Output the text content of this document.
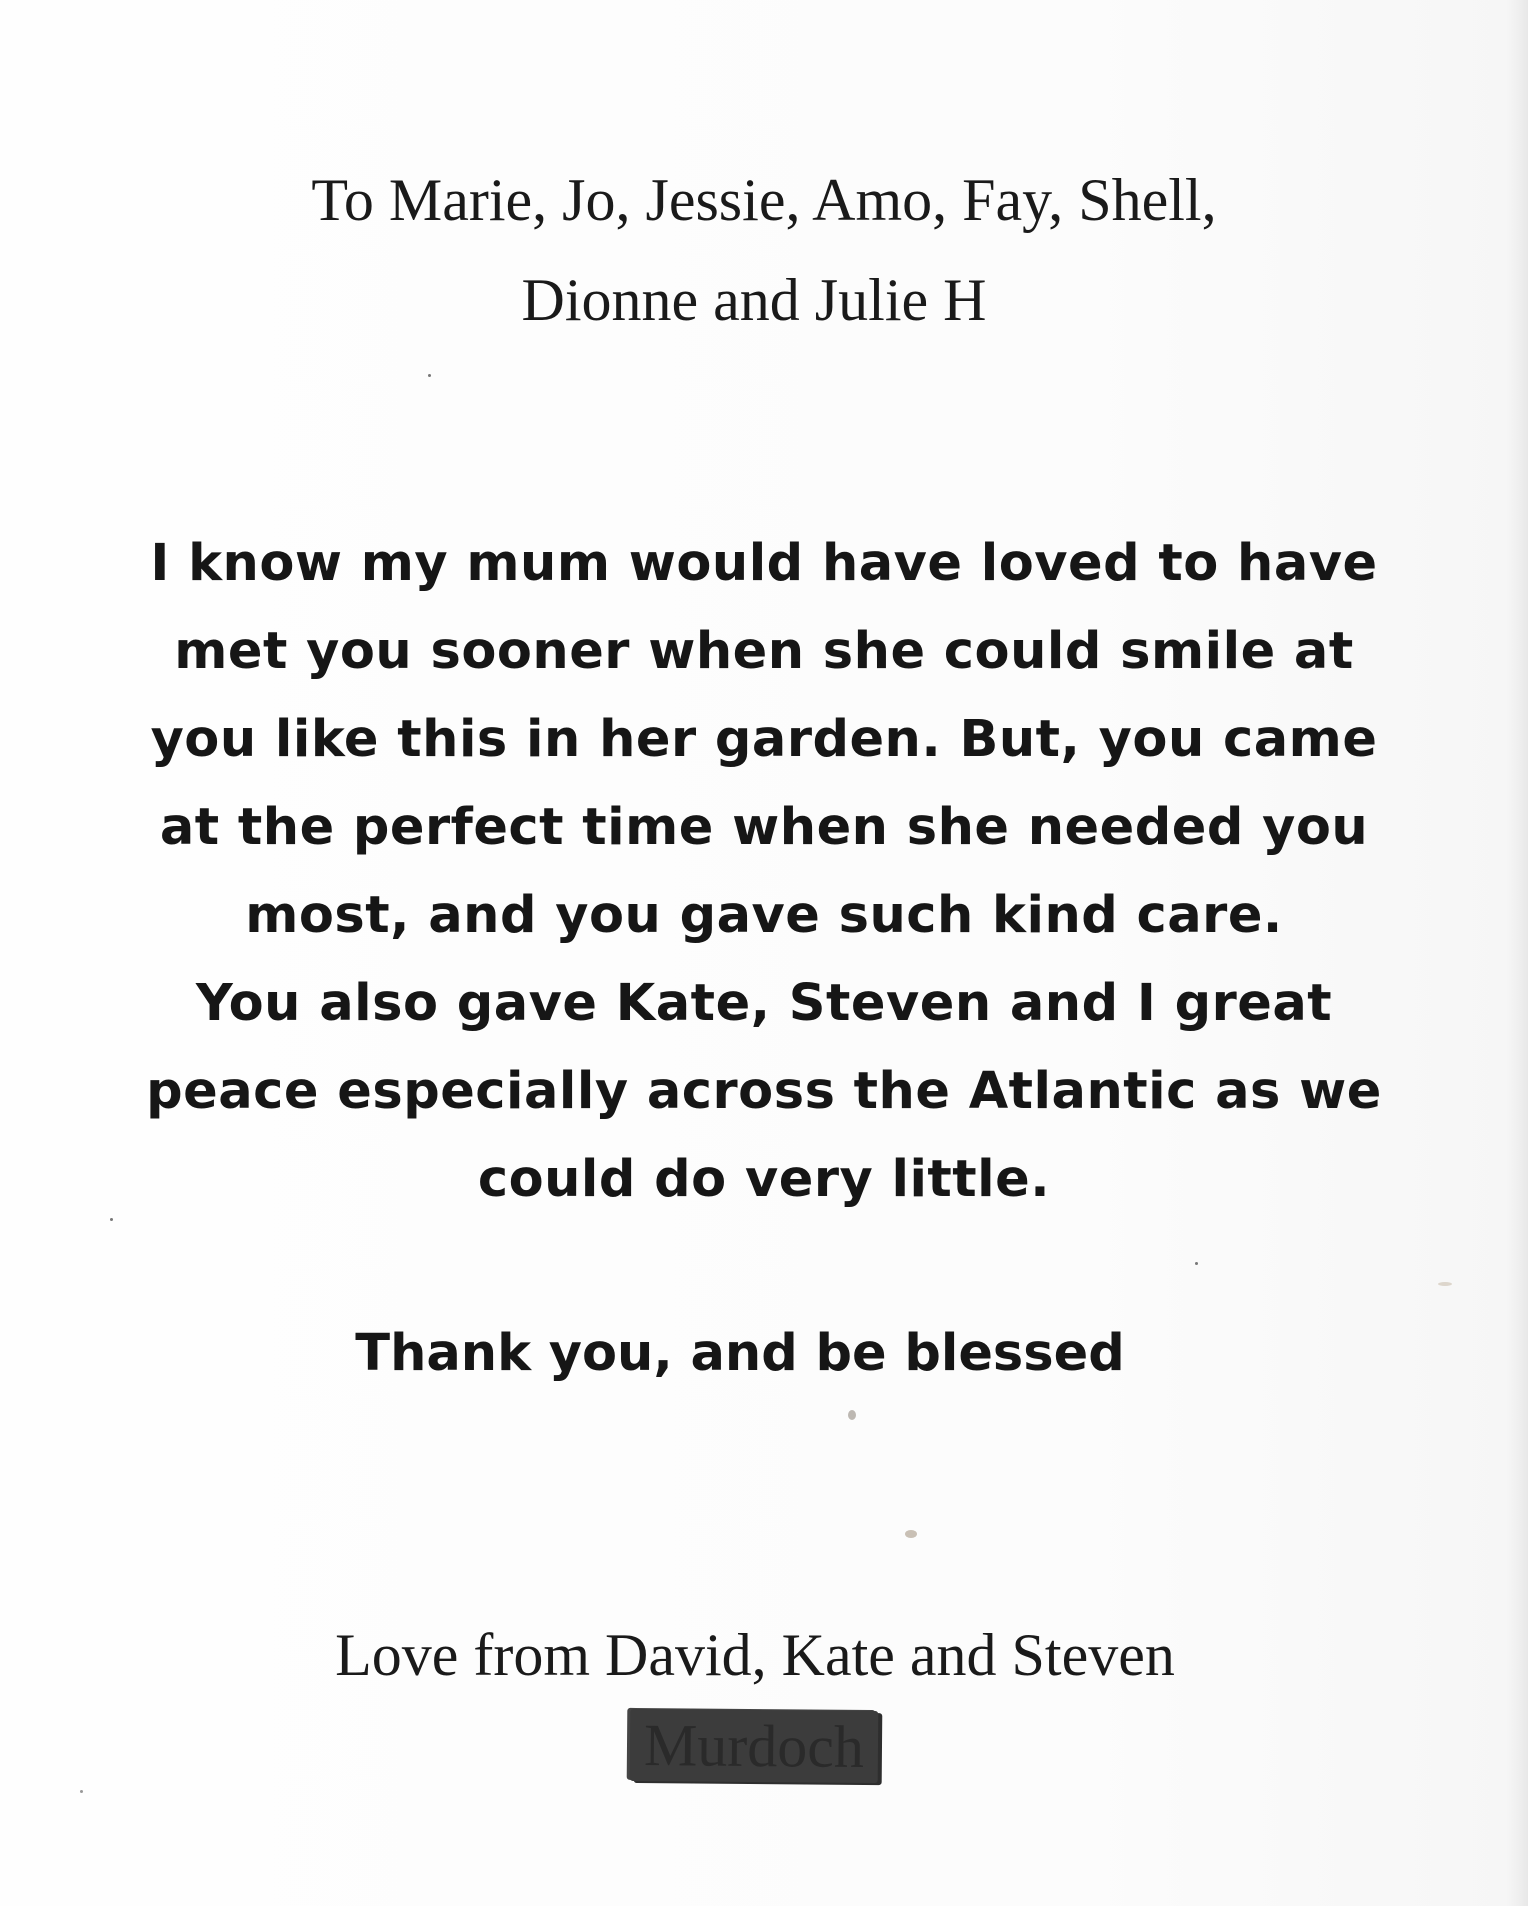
To Marie, Jo, Jessie, Amo, Fay, Shell,

Dionne and Julie H

I know my mum would have loved to have
met you sooner when she could smile at
you like this in her garden. But, you came
at the perfect time when she needed you
most, and you gave such kind care.
You also gave Kate, Steven and I great
peace especially across the Atlantic as we
could do very little.

Thank you, and be blessed

Love from David, Kate and Steven

Murdoch
